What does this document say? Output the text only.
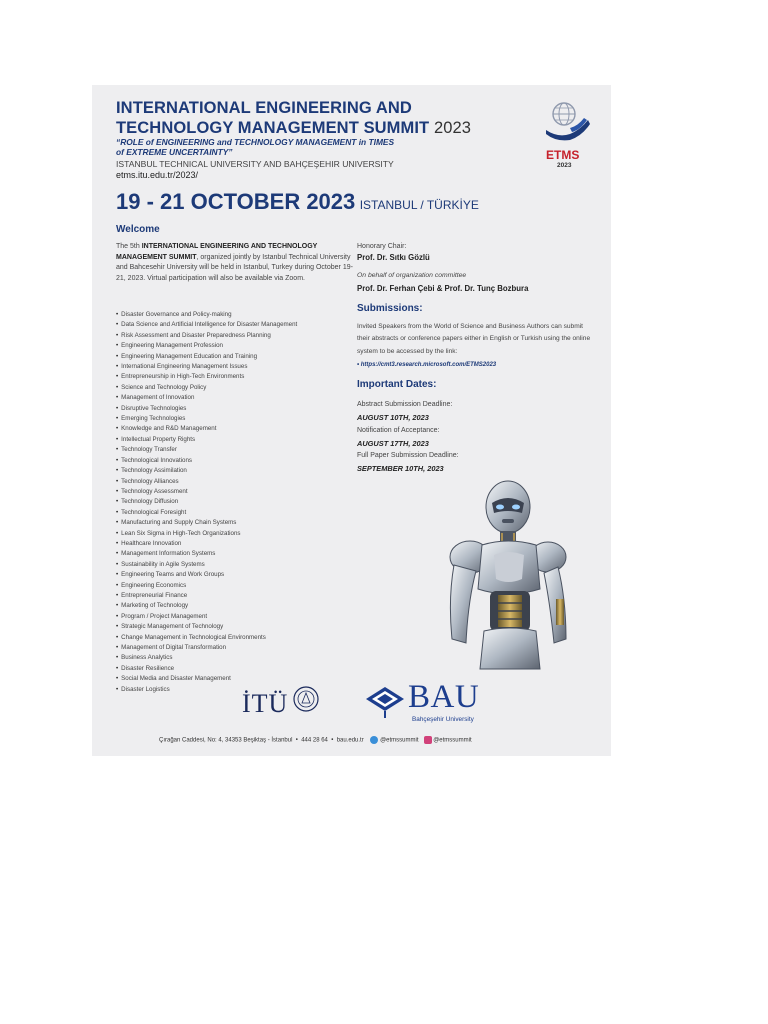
INTERNATIONAL ENGINEERING AND
TECHNOLOGY MANAGEMENT SUMMIT 2023
“ROLE of ENGINEERING and TECHNOLOGY MANAGEMENT in TIMES
of EXTREME UNCERTAINTY”
ISTANBUL TECHNICAL UNIVERSITY AND BAHÇEŞEHIR UNIVERSITY
etms.itu.edu.tr/2023/
ETMS
2023
19 - 21 OCTOBER 2023 ISTANBUL / TÜRKİYE
Welcome
The 5th INTERNATIONAL ENGINEERING AND TECHNOLOGY MANAGEMENT SUMMIT, organized jointly by Istanbul Technical University and Bahcesehir University will be held in Istanbul, Turkey during October 19-21, 2023. Virtual participation will also be available via Zoom.
• Disaster Governance and Policy-making
• Data Science and Artificial Intelligence for Disaster Management
• Risk Assessment and Disaster Preparedness Planning
• Engineering Management Profession
• Engineering Management Education and Training
• International Engineering Management Issues
• Entrepreneurship in High-Tech Environments
• Science and Technology Policy
• Management of Innovation
• Disruptive Technologies
• Emerging Technologies
• Knowledge and R&D Management
• Intellectual Property Rights
• Technology Transfer
• Technological Innovations
• Technology Assimilation
• Technology Alliances
• Technology Assessment
• Technology Diffusion
• Technological Foresight
• Manufacturing and Supply Chain Systems
• Lean Six Sigma in High-Tech Organizations
• Healthcare Innovation
• Management Information Systems
• Sustainability in Agile Systems
• Engineering Teams and Work Groups
• Engineering Economics
• Entrepreneurial Finance
• Marketing of Technology
• Program / Project Management
• Strategic Management of Technology
• Change Management in Technological Environments
• Management of Digital Transformation
• Business Analytics
• Disaster Resilience
• Social Media and Disaster Management
• Disaster Logistics
Honorary Chair:
Prof. Dr. Sıtkı Gözlü
On behalf of organization committee
Prof. Dr. Ferhan Çebi & Prof. Dr. Tunç Bozbura
Submissions:
Invited Speakers from the World of Science and Business Authors can submit their abstracts or conference papers either in English or Turkish using the online system to be accessed by the link:
• https://cmt3.research.microsoft.com/ETMS2023
Important Dates:
Abstract Submission Deadline:
AUGUST 10TH, 2023
Notification of Acceptance:
AUGUST 17TH, 2023
Full Paper Submission Deadline:
SEPTEMBER 10TH, 2023
İTÜ	BAU
Bahçeşehir University
Çırağan Caddesi, No: 4, 34353 Beşiktaş - İstanbul  •  444 28 64  •  bau.edu.tr	@etmssummit @etmssummit
